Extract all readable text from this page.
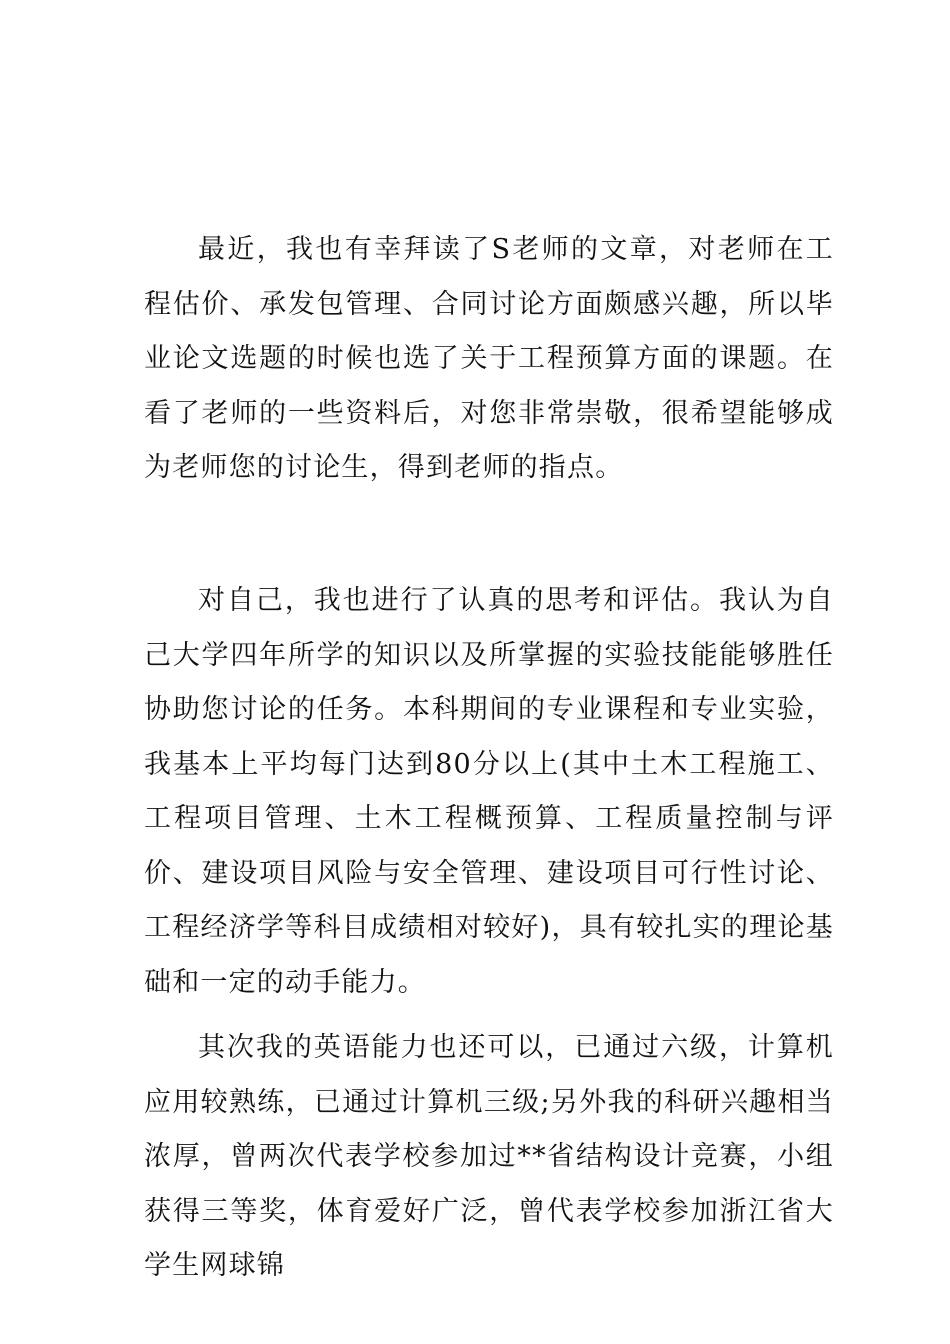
最近，我也有幸拜读了S老师的文章，对老师在工程估价、承发包管理、合同讨论方面颇感兴趣，所以毕业论文选题的时候也选了关于工程预算方面的课题。在看了老师的一些资料后，对您非常崇敬，很希望能够成为老师您的讨论生，得到老师的指点。

对自己，我也进行了认真的思考和评估。我认为自己大学四年所学的知识以及所掌握的实验技能能够胜任协助您讨论的任务。本科期间的专业课程和专业实验，我基本上平均每门达到80分以上(其中土木工程施工、工程项目管理、土木工程概预算、工程质量控制与评价、建设项目风险与安全管理、建设项目可行性讨论、工程经济学等科目成绩相对较好)，具有较扎实的理论基础和一定的动手能力。

其次我的英语能力也还可以，已通过六级，计算机应用较熟练，已通过计算机三级;另外我的科研兴趣相当浓厚，曾两次代表学校参加过**省结构设计竞赛，小组获得三等奖，体育爱好广泛，曾代表学校参加浙江省大学生网球锦
